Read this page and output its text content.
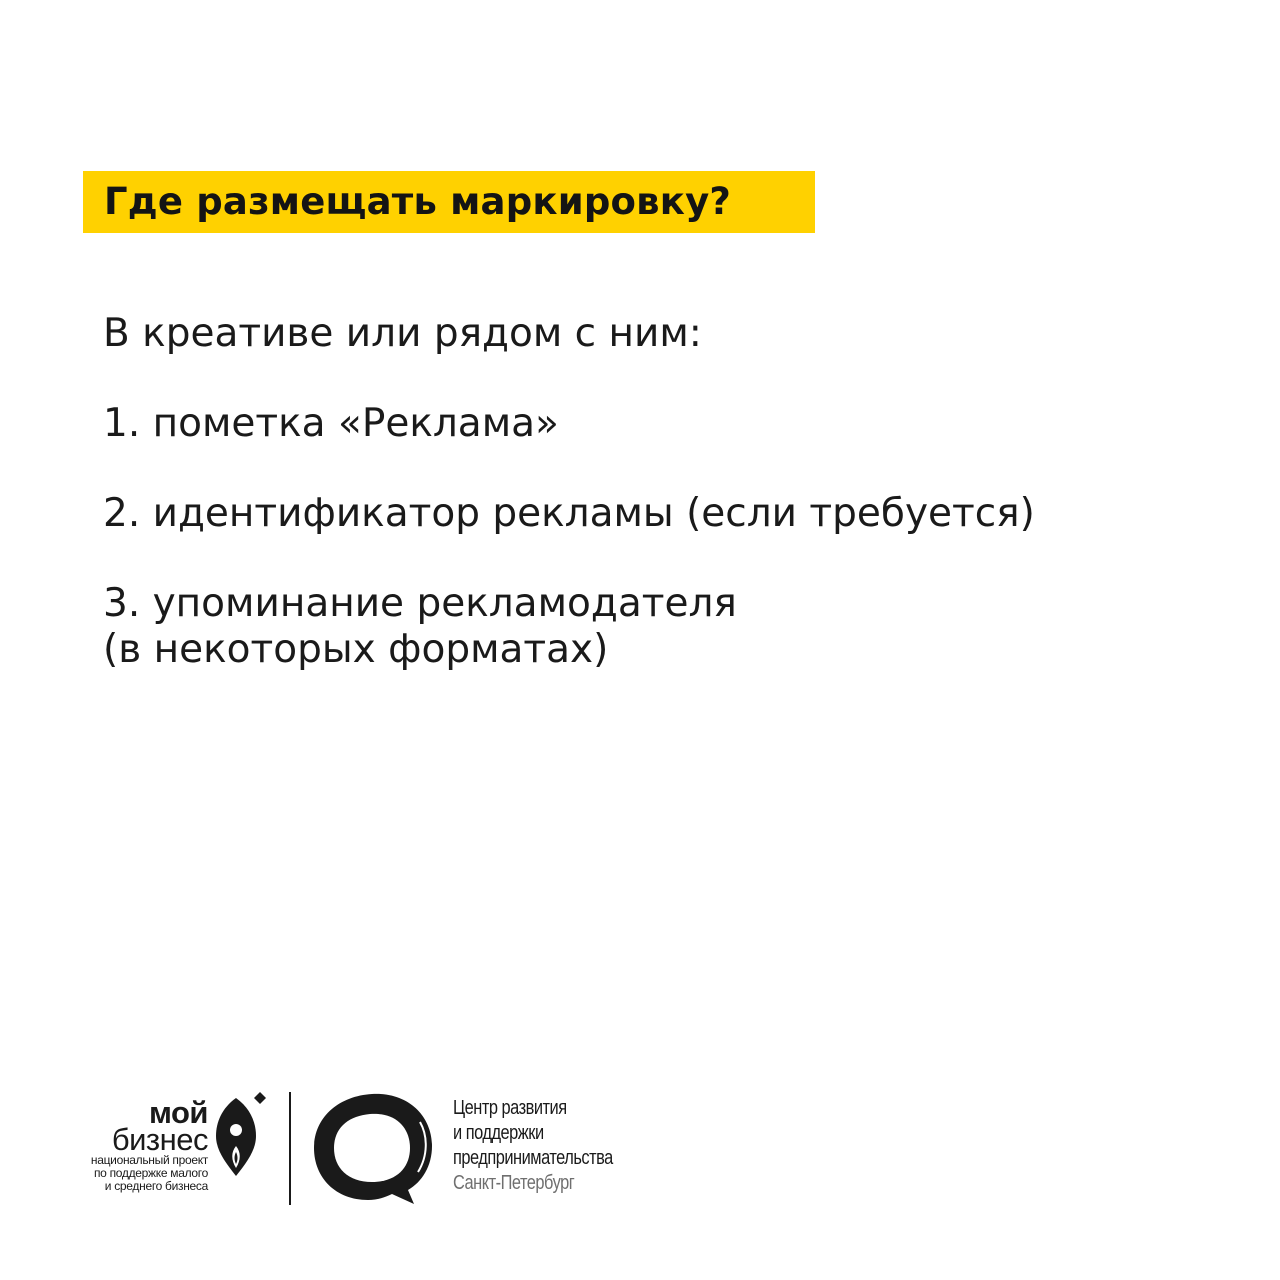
Где размещать маркировку?
В креативе или рядом с ним:
1. пометка «Реклама»
2. идентификатор рекламы (если требуется)
3. упоминание рекламодателя
(в некоторых форматах)
мой
бизнес
национальный проект
по поддержке малого
и среднего бизнеса
Центр развития
и поддержки
предпринимательства
Санкт-Петербург
